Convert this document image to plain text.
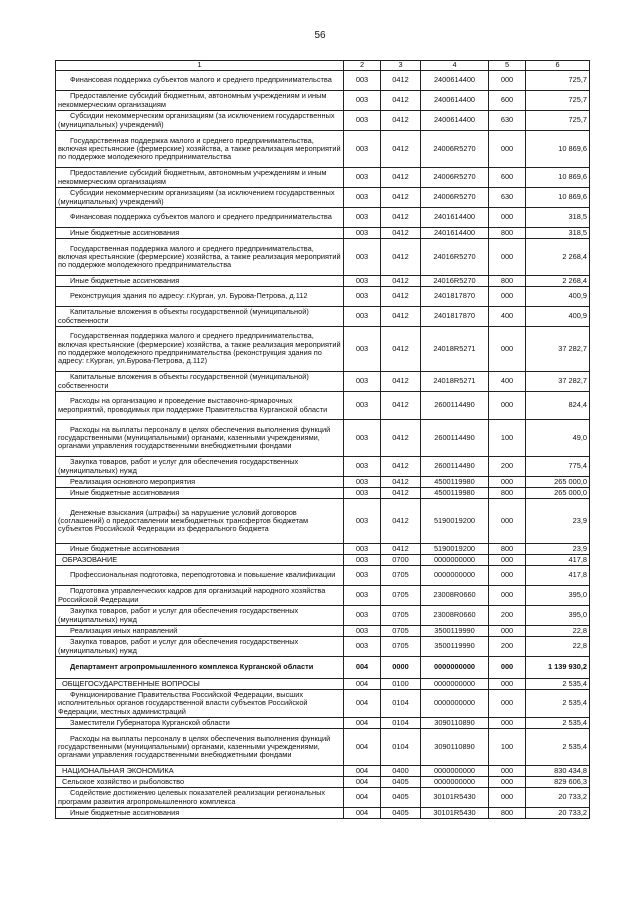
56
1	2	3	4	5	6
Финансовая поддержка субъектов малого и среднего предпринимательства	003	0412	2400614400	000	725,7
Предоставление субсидий бюджетным, автономным учреждениям и иным некоммерческим организациям	003	0412	2400614400	600	725,7
Субсидии некоммерческим организациям (за исключением государственных (муниципальных) учреждений)	003	0412	2400614400	630	725,7
Государственная поддержка малого и среднего предпринимательства, включая крестьянские (фермерские) хозяйства, а также реализация мероприятий по поддержке молодежного предпринимательства	003	0412	24006R5270	000	10 869,6
Предоставление субсидий бюджетным, автономным учреждениям и иным некоммерческим организациям	003	0412	24006R5270	600	10 869,6
Субсидии некоммерческим организациям (за исключением государственных (муниципальных) учреждений)	003	0412	24006R5270	630	10 869,6
Финансовая поддержка субъектов малого и среднего предпринимательства	003	0412	2401614400	000	318,5
Иные бюджетные ассигнования	003	0412	2401614400	800	318,5
Государственная поддержка малого и среднего предпринимательства, включая крестьянские (фермерские) хозяйства, а также реализация мероприятий по поддержке молодежного предпринимательства	003	0412	24016R5270	000	2 268,4
Иные бюджетные ассигнования	003	0412	24016R5270	800	2 268,4
Реконструкция здания по адресу: г.Курган, ул. Бурова-Петрова, д.112	003	0412	2401817870	000	400,9
Капитальные вложения в объекты государственной (муниципальной) собственности	003	0412	2401817870	400	400,9
Государственная поддержка малого и среднего предпринимательства, включая крестьянские (фермерские) хозяйства, а также реализация мероприятий по поддержке молодежного предпринимательства (реконструкция здания по адресу: г.Курган, ул.Бурова-Петрова, д.112)	003	0412	24018R5271	000	37 282,7
Капитальные вложения в объекты государственной (муниципальной) собственности	003	0412	24018R5271	400	37 282,7
Расходы на организацию и проведение выставочно-ярмарочных мероприятий, проводимых при поддержке Правительства Курганской области	003	0412	2600114490	000	824,4
Расходы на выплаты персоналу в целях обеспечения выполнения функций государственными (муниципальными) органами, казенными учреждениями, органами управления государственными внебюджетными фондами	003	0412	2600114490	100	49,0
Закупка товаров, работ и услуг для обеспечения государственных (муниципальных) нужд	003	0412	2600114490	200	775,4
Реализация основного мероприятия	003	0412	4500119980	000	265 000,0
Иные бюджетные ассигнования	003	0412	4500119980	800	265 000,0
Денежные взыскания (штрафы) за нарушение условий договоров (соглашений) о предоставлении межбюджетных трансфертов бюджетам субъектов Российской Федерации из федерального бюджета	003	0412	5190019200	000	23,9
Иные бюджетные ассигнования	003	0412	5190019200	800	23,9
ОБРАЗОВАНИЕ	003	0700	0000000000	000	417,8
Профессиональная подготовка, переподготовка и повышение квалификации	003	0705	0000000000	000	417,8
Подготовка управленческих кадров для организаций народного хозяйства Российской Федерации	003	0705	23008R0660	000	395,0
Закупка товаров, работ и услуг для обеспечения государственных (муниципальных) нужд	003	0705	23008R0660	200	395,0
Реализация иных направлений	003	0705	3500119990	000	22,8
Закупка товаров, работ и услуг для обеспечения государственных (муниципальных) нужд	003	0705	3500119990	200	22,8
Департамент агропромышленного комплекса Курганской области	004	0000	0000000000	000	1 139 930,2
ОБЩЕГОСУДАРСТВЕННЫЕ ВОПРОСЫ	004	0100	0000000000	000	2 535,4
Функционирование Правительства Российской Федерации, высших исполнительных органов государственной власти субъектов Российской Федерации, местных администраций	004	0104	0000000000	000	2 535,4
Заместители Губернатора Курганской области	004	0104	3090110890	000	2 535,4
Расходы на выплаты персоналу в целях обеспечения выполнения функций государственными (муниципальными) органами, казенными учреждениями, органами управления государственными внебюджетными фондами	004	0104	3090110890	100	2 535,4
НАЦИОНАЛЬНАЯ ЭКОНОМИКА	004	0400	0000000000	000	830 434,8
Сельское хозяйство и рыболовство	004	0405	0000000000	000	829 606,3
Содействие достижению целевых показателей реализации региональных программ развития агропромышленного комплекса	004	0405	30101R5430	000	20 733,2
Иные бюджетные ассигнования	004	0405	30101R5430	800	20 733,2
